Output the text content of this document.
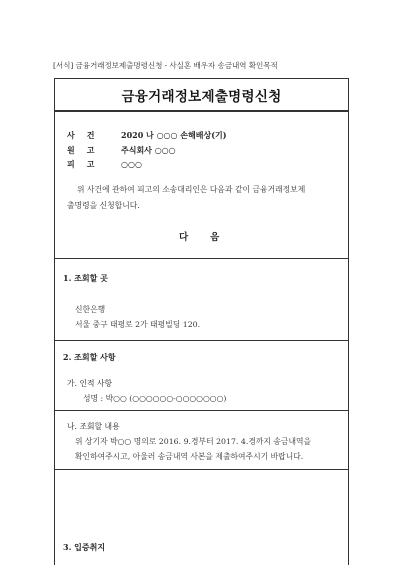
[서식] 금융거래정보제출명령신청 - 사실혼 배우자 송금내역 확인목적
금융거래정보제출명령신청
사건 2020 나 ○○○ 손해배상(기)
원고 주식회사 ○○○
피고 ○○○
위 사건에 관하여 피고의 소송대리인은 다음과 같이 금융거래정보제
출명령을 신청합니다.
다음
1. 조회할 곳
신한은행
서울 중구 태평로 2가 태평빌딩 120.
2. 조회할 사항
가. 인적 사항
성명 : 박○○ (○○○○○○-○○○○○○○)
나. 조회할 내용
위 상기자 박○○ 명의로 2016. 9.경부터 2017. 4.경까지 송금내역을
확인하여주시고, 아울러 송금내역 사본을 제출하여주시기 바랍니다.
3. 입증취지
